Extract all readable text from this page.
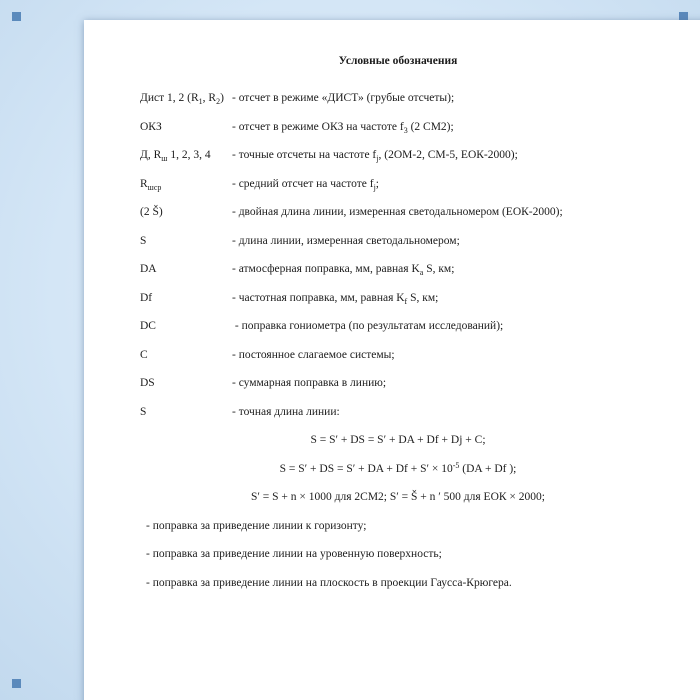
Условные обозначения
Дист 1, 2 ($R_1$, $R_2$) - отсчет в режиме «ДИСТ» (грубые отсчеты);
ОКЗ	- отсчет в режиме ОКЗ на частоте $f_3$ (2 СМ2);
Д, $R_ш$ 1, 2, 3, 4	- точные отсчеты на частоте $f_j$, (2ОМ-2, СМ-5, ЕОК-2000);
$R_{шср}$	- средний отсчет на частоте $f_j$;
(2 Š)	- двойная длина линии, измеренная светодальномером (ЕОК-2000);
S	- длина линии, измеренная светодальномером;
DA	- атмосферная поправка, мм, равная $K_а$ S, км;
Df	- частотная поправка, мм, равная $K_f$ S, км;
DC	- поправка гониометра (по результатам исследований);
C	- постоянное слагаемое системы;
DS	- суммарная поправка в линию;
S	- точная длина линии:
S = S′ + DS = S′ + DA + Df + Dj + C;
S = S′ + DS = S′ + DA + $Df + S' \times 10^{-5}$ (DA + Df );
S′ = S + n × 1000 для 2СМ2; S′ = Š + n ′ 500 для ЕОК × 2000;
- поправка за приведение линии к горизонту;
- поправка за приведение линии на уровенную поверхность;
- поправка за приведение линии на плоскость в проекции Гаусса-Крюгера.
